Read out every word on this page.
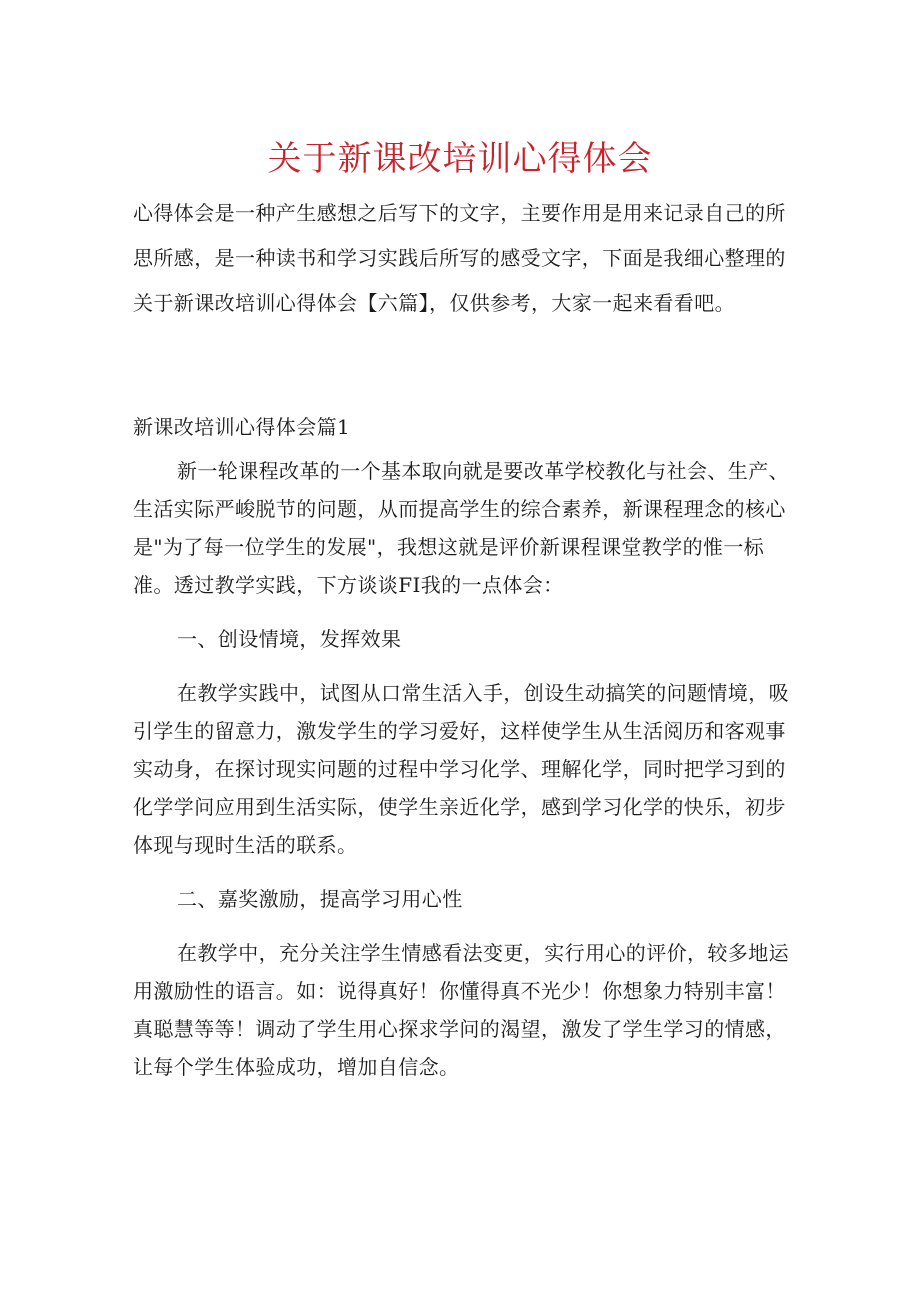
关于新课改培训心得体会
心得体会是一种产生感想之后写下的文字，主要作用是用来记录自己的所思所感，是一种读书和学习实践后所写的感受文字，下面是我细心整理的关于新课改培训心得体会【六篇】，仅供参考，大家一起来看看吧。
新课改培训心得体会篇1

新一轮课程改革的一个基本取向就是要改革学校教化与社会、生产、生活实际严峻脱节的问题，从而提高学生的综合素养，新课程理念的核心是"为了每一位学生的发展"，我想这就是评价新课程课堂教学的惟一标准。透过教学实践，下方谈谈FI我的一点体会：

一、创设情境，发挥效果

在教学实践中，试图从口常生活入手，创设生动搞笑的问题情境，吸引学生的留意力，激发学生的学习爱好，这样使学生从生活阅历和客观事实动身，在探讨现实问题的过程中学习化学、理解化学，同时把学习到的化学学问应用到生活实际，使学生亲近化学，感到学习化学的快乐，初步体现与现时生活的联系。

二、嘉奖激励，提高学习用心性

在教学中，充分关注学生情感看法变更，实行用心的评价，较多地运用激励性的语言。如：说得真好！你懂得真不光少！你想象力特别丰富！真聪慧等等！调动了学生用心探求学问的渴望，激发了学生学习的情感，让每个学生体验成功，增加自信念。
